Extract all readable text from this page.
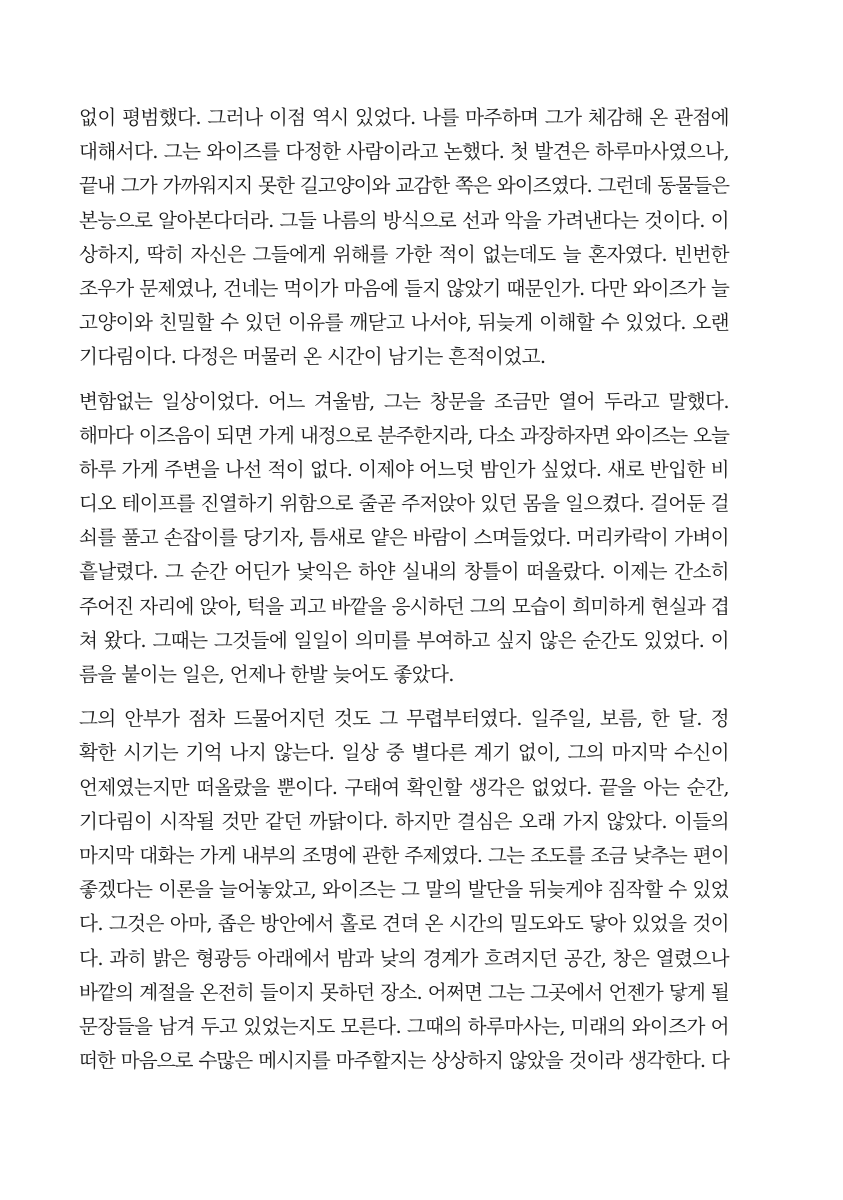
없이 평범했다. 그러나 이점 역시 있었다. 나를 마주하며 그가 체감해 온 관점에
대해서다. 그는 와이즈를 다정한 사람이라고 논했다. 첫 발견은 하루마사였으나,
끝내 그가 가까워지지 못한 길고양이와 교감한 쪽은 와이즈였다. 그런데 동물들은
본능으로 알아본다더라. 그들 나름의 방식으로 선과 악을 가려낸다는 것이다. 이
상하지, 딱히 자신은 그들에게 위해를 가한 적이 없는데도 늘 혼자였다. 빈번한
조우가 문제였나, 건네는 먹이가 마음에 들지 않았기 때문인가. 다만 와이즈가 늘
고양이와 친밀할 수 있던 이유를 깨닫고 나서야, 뒤늦게 이해할 수 있었다. 오랜
기다림이다. 다정은 머물러 온 시간이 남기는 흔적이었고.
변함없는 일상이었다. 어느 겨울밤, 그는 창문을 조금만 열어 두라고 말했다.
해마다 이즈음이 되면 가게 내정으로 분주한지라, 다소 과장하자면 와이즈는 오늘
하루 가게 주변을 나선 적이 없다. 이제야 어느덧 밤인가 싶었다. 새로 반입한 비
디오 테이프를 진열하기 위함으로 줄곧 주저앉아 있던 몸을 일으켰다. 걸어둔 걸
쇠를 풀고 손잡이를 당기자, 틈새로 얕은 바람이 스며들었다. 머리카락이 가벼이
흩날렸다. 그 순간 어딘가 낯익은 하얀 실내의 창틀이 떠올랐다. 이제는 간소히
주어진 자리에 앉아, 턱을 괴고 바깥을 응시하던 그의 모습이 희미하게 현실과 겹
쳐 왔다. 그때는 그것들에 일일이 의미를 부여하고 싶지 않은 순간도 있었다. 이
름을 붙이는 일은, 언제나 한발 늦어도 좋았다.
그의 안부가 점차 드물어지던 것도 그 무렵부터였다. 일주일, 보름, 한 달. 정
확한 시기는 기억 나지 않는다. 일상 중 별다른 계기 없이, 그의 마지막 수신이
언제였는지만 떠올랐을 뿐이다. 구태여 확인할 생각은 없었다. 끝을 아는 순간,
기다림이 시작될 것만 같던 까닭이다. 하지만 결심은 오래 가지 않았다. 이들의
마지막 대화는 가게 내부의 조명에 관한 주제였다. 그는 조도를 조금 낮추는 편이
좋겠다는 이론을 늘어놓았고, 와이즈는 그 말의 발단을 뒤늦게야 짐작할 수 있었
다. 그것은 아마, 좁은 방안에서 홀로 견뎌 온 시간의 밀도와도 닿아 있었을 것이
다. 과히 밝은 형광등 아래에서 밤과 낮의 경계가 흐려지던 공간, 창은 열렸으나
바깥의 계절을 온전히 들이지 못하던 장소. 어쩌면 그는 그곳에서 언젠가 닿게 될
문장들을 남겨 두고 있었는지도 모른다. 그때의 하루마사는, 미래의 와이즈가 어
떠한 마음으로 수많은 메시지를 마주할지는 상상하지 않았을 것이라 생각한다. 다
